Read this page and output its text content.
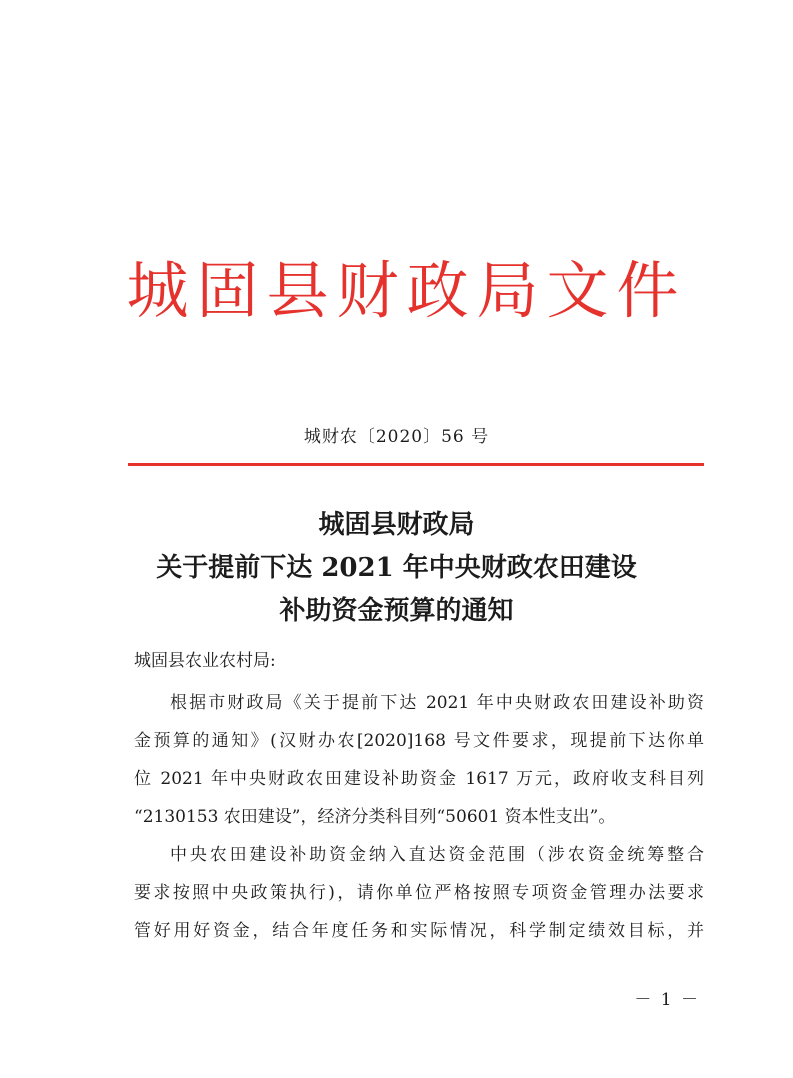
城固县财政局文件

城财农〔2020〕56 号

城固县财政局
关于提前下达 2021 年中央财政农田建设
补助资金预算的通知

城固县农业农村局:

根据市财政局《关于提前下达 2021 年中央财政农田建设补助资
金预算的通知》(汉财办农[2020]168 号文件要求，现提前下达你单
位 2021 年中央财政农田建设补助资金 1617 万元，政府收支科目列
“2130153 农田建设”，经济分类科目列“50601 资本性支出”。
中央农田建设补助资金纳入直达资金范围（涉农资金统筹整合
要求按照中央政策执行)，请你单位严格按照专项资金管理办法要求
管好用好资金，结合年度任务和实际情况，科学制定绩效目标，并

－ 1 －
